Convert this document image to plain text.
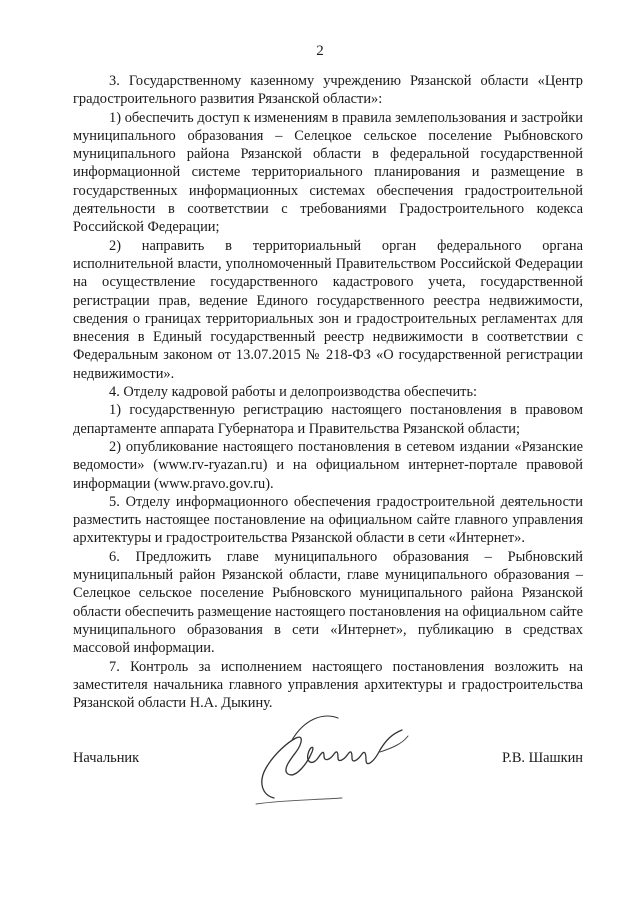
2

3. Государственному казенному учреждению Рязанской области «Центр градостроительного развития Рязанской области»:

1) обеспечить доступ к изменениям в правила землепользования и застройки муниципального образования – Селецкое сельское поселение Рыбновского муниципального района Рязанской области в федеральной государственной информационной системе территориального планирования и размещение в государственных информационных системах обеспечения градостроительной деятельности в соответствии с требованиями Градостроительного кодекса Российской Федерации;

2) направить в территориальный орган федерального органа исполнительной власти, уполномоченный Правительством Российской Федерации на осуществление государственного кадастрового учета, государственной регистрации прав, ведение Единого государственного реестра недвижимости, сведения о границах территориальных зон и градостроительных регламентах для внесения в Единый государственный реестр недвижимости в соответствии с Федеральным законом от 13.07.2015 № 218-ФЗ «О государственной регистрации недвижимости».

4. Отделу кадровой работы и делопроизводства обеспечить:

1) государственную регистрацию настоящего постановления в правовом департаменте аппарата Губернатора и Правительства Рязанской области;

2) опубликование настоящего постановления в сетевом издании «Рязанские ведомости» (www.rv-ryazan.ru) и на официальном интернет-портале правовой информации (www.pravo.gov.ru).

5. Отделу информационного обеспечения градостроительной деятельности разместить настоящее постановление на официальном сайте главного управления архитектуры и градостроительства Рязанской области в сети «Интернет».

6. Предложить главе муниципального образования – Рыбновский муниципальный район Рязанской области, главе муниципального образования – Селецкое сельское поселение Рыбновского муниципального района Рязанской области обеспечить размещение настоящего постановления на официальном сайте муниципального образования в сети «Интернет», публикацию в средствах массовой информации.

7. Контроль за исполнением настоящего постановления возложить на заместителя начальника главного управления архитектуры и градостроительства Рязанской области Н.А. Дыкину.

Начальник	Р.В. Шашкин
